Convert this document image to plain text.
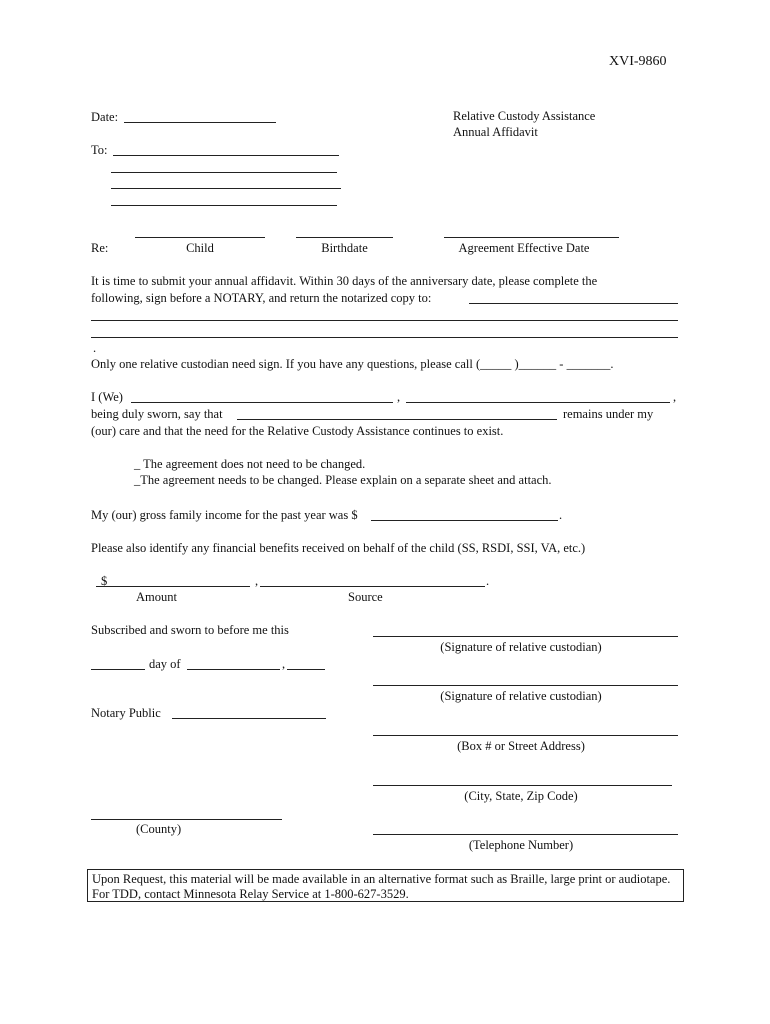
XVI-9860
Date:	Relative Custody Assistance
Annual Affidavit
To:
Re:	Child	Birthdate	Agreement Effective Date
It is time to submit your annual affidavit. Within 30 days of the anniversary date, please complete the
following, sign before a NOTARY, and return the notarized copy to:
.
Only one relative custodian need sign. If you have any questions, please call (_____ )______ - _______.
I (We)	,	,
being duly sworn, say that	remains under my
(our) care and that the need for the Relative Custody Assistance continues to exist.
_ The agreement does not need to be changed.
_The agreement needs to be changed. Please explain on a separate sheet and attach.
My (our) gross family income for the past year was $	.
Please also identify any financial benefits received on behalf of the child (SS, RSDI, SSI, VA, etc.)
$	,	.
Amount	Source
Subscribed and sworn to before me this
day of	,
Notary Public
(County)
(Signature of relative custodian)
(Signature of relative custodian)
(Box # or Street Address)
(City, State, Zip Code)
(Telephone Number)
Upon Request, this material will be made available in an alternative format such as Braille, large print or audiotape.
For TDD, contact Minnesota Relay Service at 1-800-627-3529.
